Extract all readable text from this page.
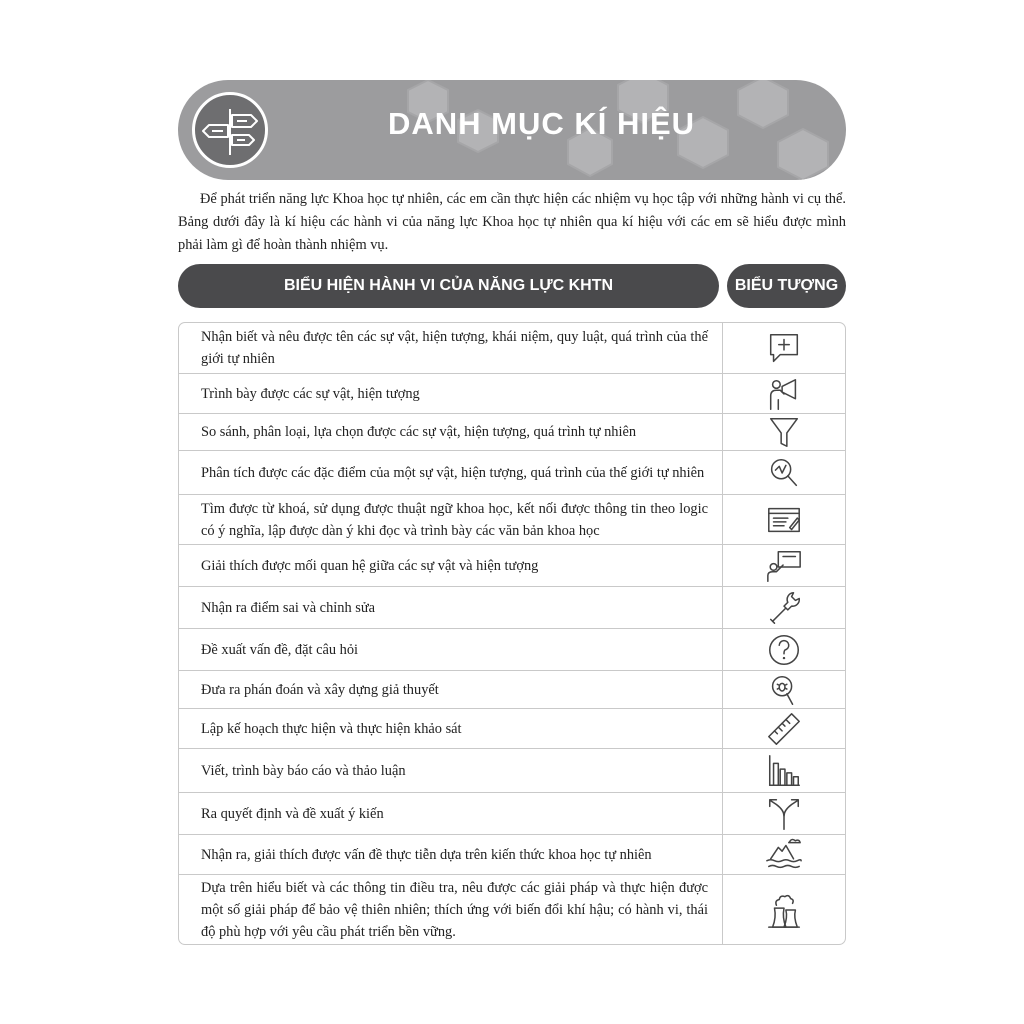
DANH MỤC KÍ HIỆU

Để phát triển năng lực Khoa học tự nhiên, các em cần thực hiện các nhiệm vụ học tập với những hành vi cụ thể. Bảng dưới đây là kí hiệu các hành vi của năng lực Khoa học tự nhiên qua kí hiệu với các em sẽ hiểu được mình phải làm gì để hoàn thành nhiệm vụ.

BIỂU HIỆN HÀNH VI CỦA NĂNG LỰC KHTN	BIỂU TƯỢNG
Nhận biết và nêu được tên các sự vật, hiện tượng, khái niệm, quy luật, quá trình của thế giới tự nhiên
Trình bày được các sự vật, hiện tượng
So sánh, phân loại, lựa chọn được các sự vật, hiện tượng, quá trình tự nhiên
Phân tích được các đặc điểm của một sự vật, hiện tượng, quá trình của thế giới tự nhiên
Tìm được từ khoá, sử dụng được thuật ngữ khoa học, kết nối được thông tin theo logic có ý nghĩa, lập được dàn ý khi đọc và trình bày các văn bản khoa học
Giải thích được mối quan hệ giữa các sự vật và hiện tượng
Nhận ra điểm sai và chỉnh sửa
Đề xuất vấn đề, đặt câu hỏi
Đưa ra phán đoán và xây dựng giả thuyết
Lập kế hoạch thực hiện và thực hiện khảo sát
Viết, trình bày báo cáo và thảo luận
Ra quyết định và đề xuất ý kiến
Nhận ra, giải thích được vấn đề thực tiễn dựa trên kiến thức khoa học tự nhiên
Dựa trên hiểu biết và các thông tin điều tra, nêu được các giải pháp và thực hiện được một số giải pháp để bảo vệ thiên nhiên; thích ứng với biến đổi khí hậu; có hành vi, thái độ phù hợp với yêu cầu phát triển bền vững.
